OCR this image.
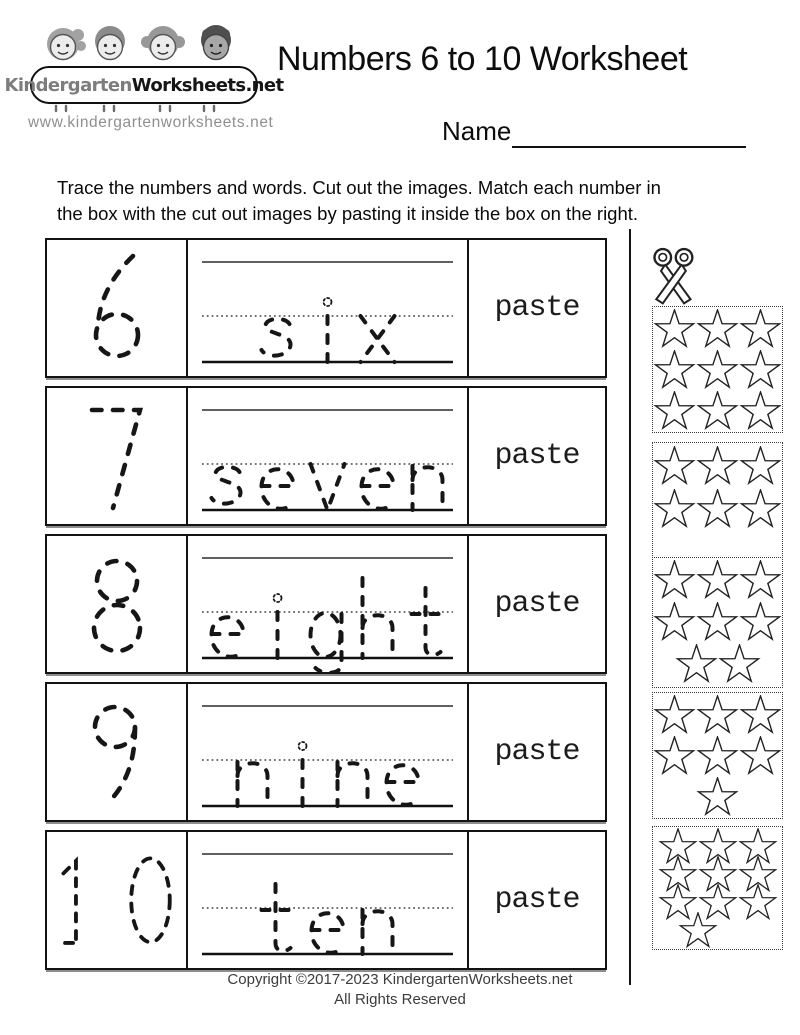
KindergartenWorksheets.net
www.kindergartenworksheets.net
Numbers 6 to 10 Worksheet
Name
Trace the numbers and words. Cut out the images. Match each number in
the box with the cut out images by pasting it inside the box on the right.
paste
paste
paste
paste
paste
Copyright ©2017-2023 KindergartenWorksheets.net
All Rights Reserved
